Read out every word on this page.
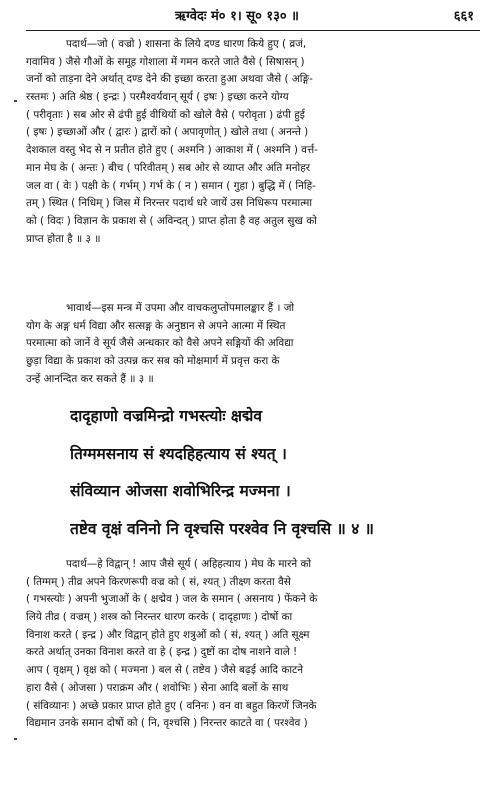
ऋग्वेदः मं० १। सू० १३० ॥	६६१
पदार्थ—जो ( वज्रो ) शासना के लिये दण्ड धारण किये हुए ( व्रजं,
गवामिव ) जैसे गौओं के समूह गोशाला में गमन करते जाते वैसे ( सिषासन् )
जनों को ताड़ना देने अर्थात् दण्ड देने की इच्छा करता हुआ अथवा जैसे ( अङ्गि-
रस्तमः ) अति श्रेष्ठ ( इन्द्रः ) परमैश्वर्यवान् सूर्य ( इषः ) इच्छा करने योग्य
( परीवृताः ) सब ओर से ढंपी हुई वीथियों को खोले वैसे ( परोवृता ) ढंपी हुई
( इषः ) इच्छाओं और ( द्वारः ) द्वारों को ( अपावृणोत् ) खोले तथा ( अनन्ते )
देशकाल वस्तु भेद से न प्रतीत होते हुए ( अश्मनि ) आकाश में ( अश्मनि ) वर्त्त-
मान मेघ के ( अन्तः ) बीच ( परिवीतम् ) सब ओर से व्याप्त और अति मनोहर
जल वा ( वेः ) पक्षी के ( गर्भम् ) गर्भ के ( न ) समान ( गुहा ) बुद्धि में ( निहि-
तम् ) स्थित ( निधिम् ) जिस में निरन्तर पदार्थ धरे जायें उस निधिरूप परमात्मा
को ( विदः ) विज्ञान के प्रकाश से ( अविन्दत् ) प्राप्त होता है वह अतुल सुख को
प्राप्त होता है ॥ ३ ॥
भावार्थ—इस मन्त्र में उपमा और वाचकलुप्तोपमालङ्कार हैं । जो
योग के अङ्ग धर्म विद्या और सत्सङ्ग के अनुष्ठान से अपने आत्मा में स्थित
परमात्मा को जानें वे सूर्य जैसे अन्धकार को वैसे अपने सङ्गियों की अविद्या
छुड़ा विद्या के प्रकाश को उत्पन्न कर सब को मोक्षमार्ग में प्रवृत्त करा के
उन्हें आनन्दित कर सकते हैं ॥ ३ ॥
दादृहाणो वज्रमिन्द्रो गभस्त्योः क्षद्मेव
तिग्ममसनाय सं श्यदहिहत्याय सं श्यत् ।
संविव्यान ओजसा शवोभिरिन्द्र मज्मना ।
तष्टेव वृक्षं वनिनो नि वृश्चसि परश्वेव नि वृश्चसि ॥ ४ ॥
पदार्थ—हे विद्वान् ! आप जैसे सूर्य ( अहिहत्याय ) मेघ के मारने को
( तिग्मम् ) तीव्र अपने किरणरूपी वज्र को ( सं, श्यत् ) तीक्ष्ण करता वैसे
( गभस्त्योः ) अपनी भुजाओं के ( क्षद्मेव ) जल के समान ( असनाय ) फेंकने के
लिये तीव्र ( वज्रम् ) शस्त्र को निरन्तर धारण करके ( दादृहाणः ) दोषों का
विनाश करते ( इन्द्र ) और विद्वान् होते हुए शत्रुओं को ( सं, श्यत् ) अति सूक्ष्म
करते अर्थात् उनका विनाश करते वा हे ( इन्द्र ) दुष्टों का दोष नाशने वाले !
आप ( वृक्षम् ) वृक्ष को ( मज्मना ) बल से ( तष्टेव ) जैसे बढ़ई आदि काटने
हारा वैसे ( ओजसा ) पराक्रम और ( शवोभिः ) सेना आदि बलों के साथ
( संविव्यानः ) अच्छे प्रकार प्राप्त होते हुए ( वनिनः ) वन वा बहुत किरणें जिनके
विद्यमान उनके समान दोषों को ( नि, वृश्चसि ) निरन्तर काटते वा ( परश्वेव )
